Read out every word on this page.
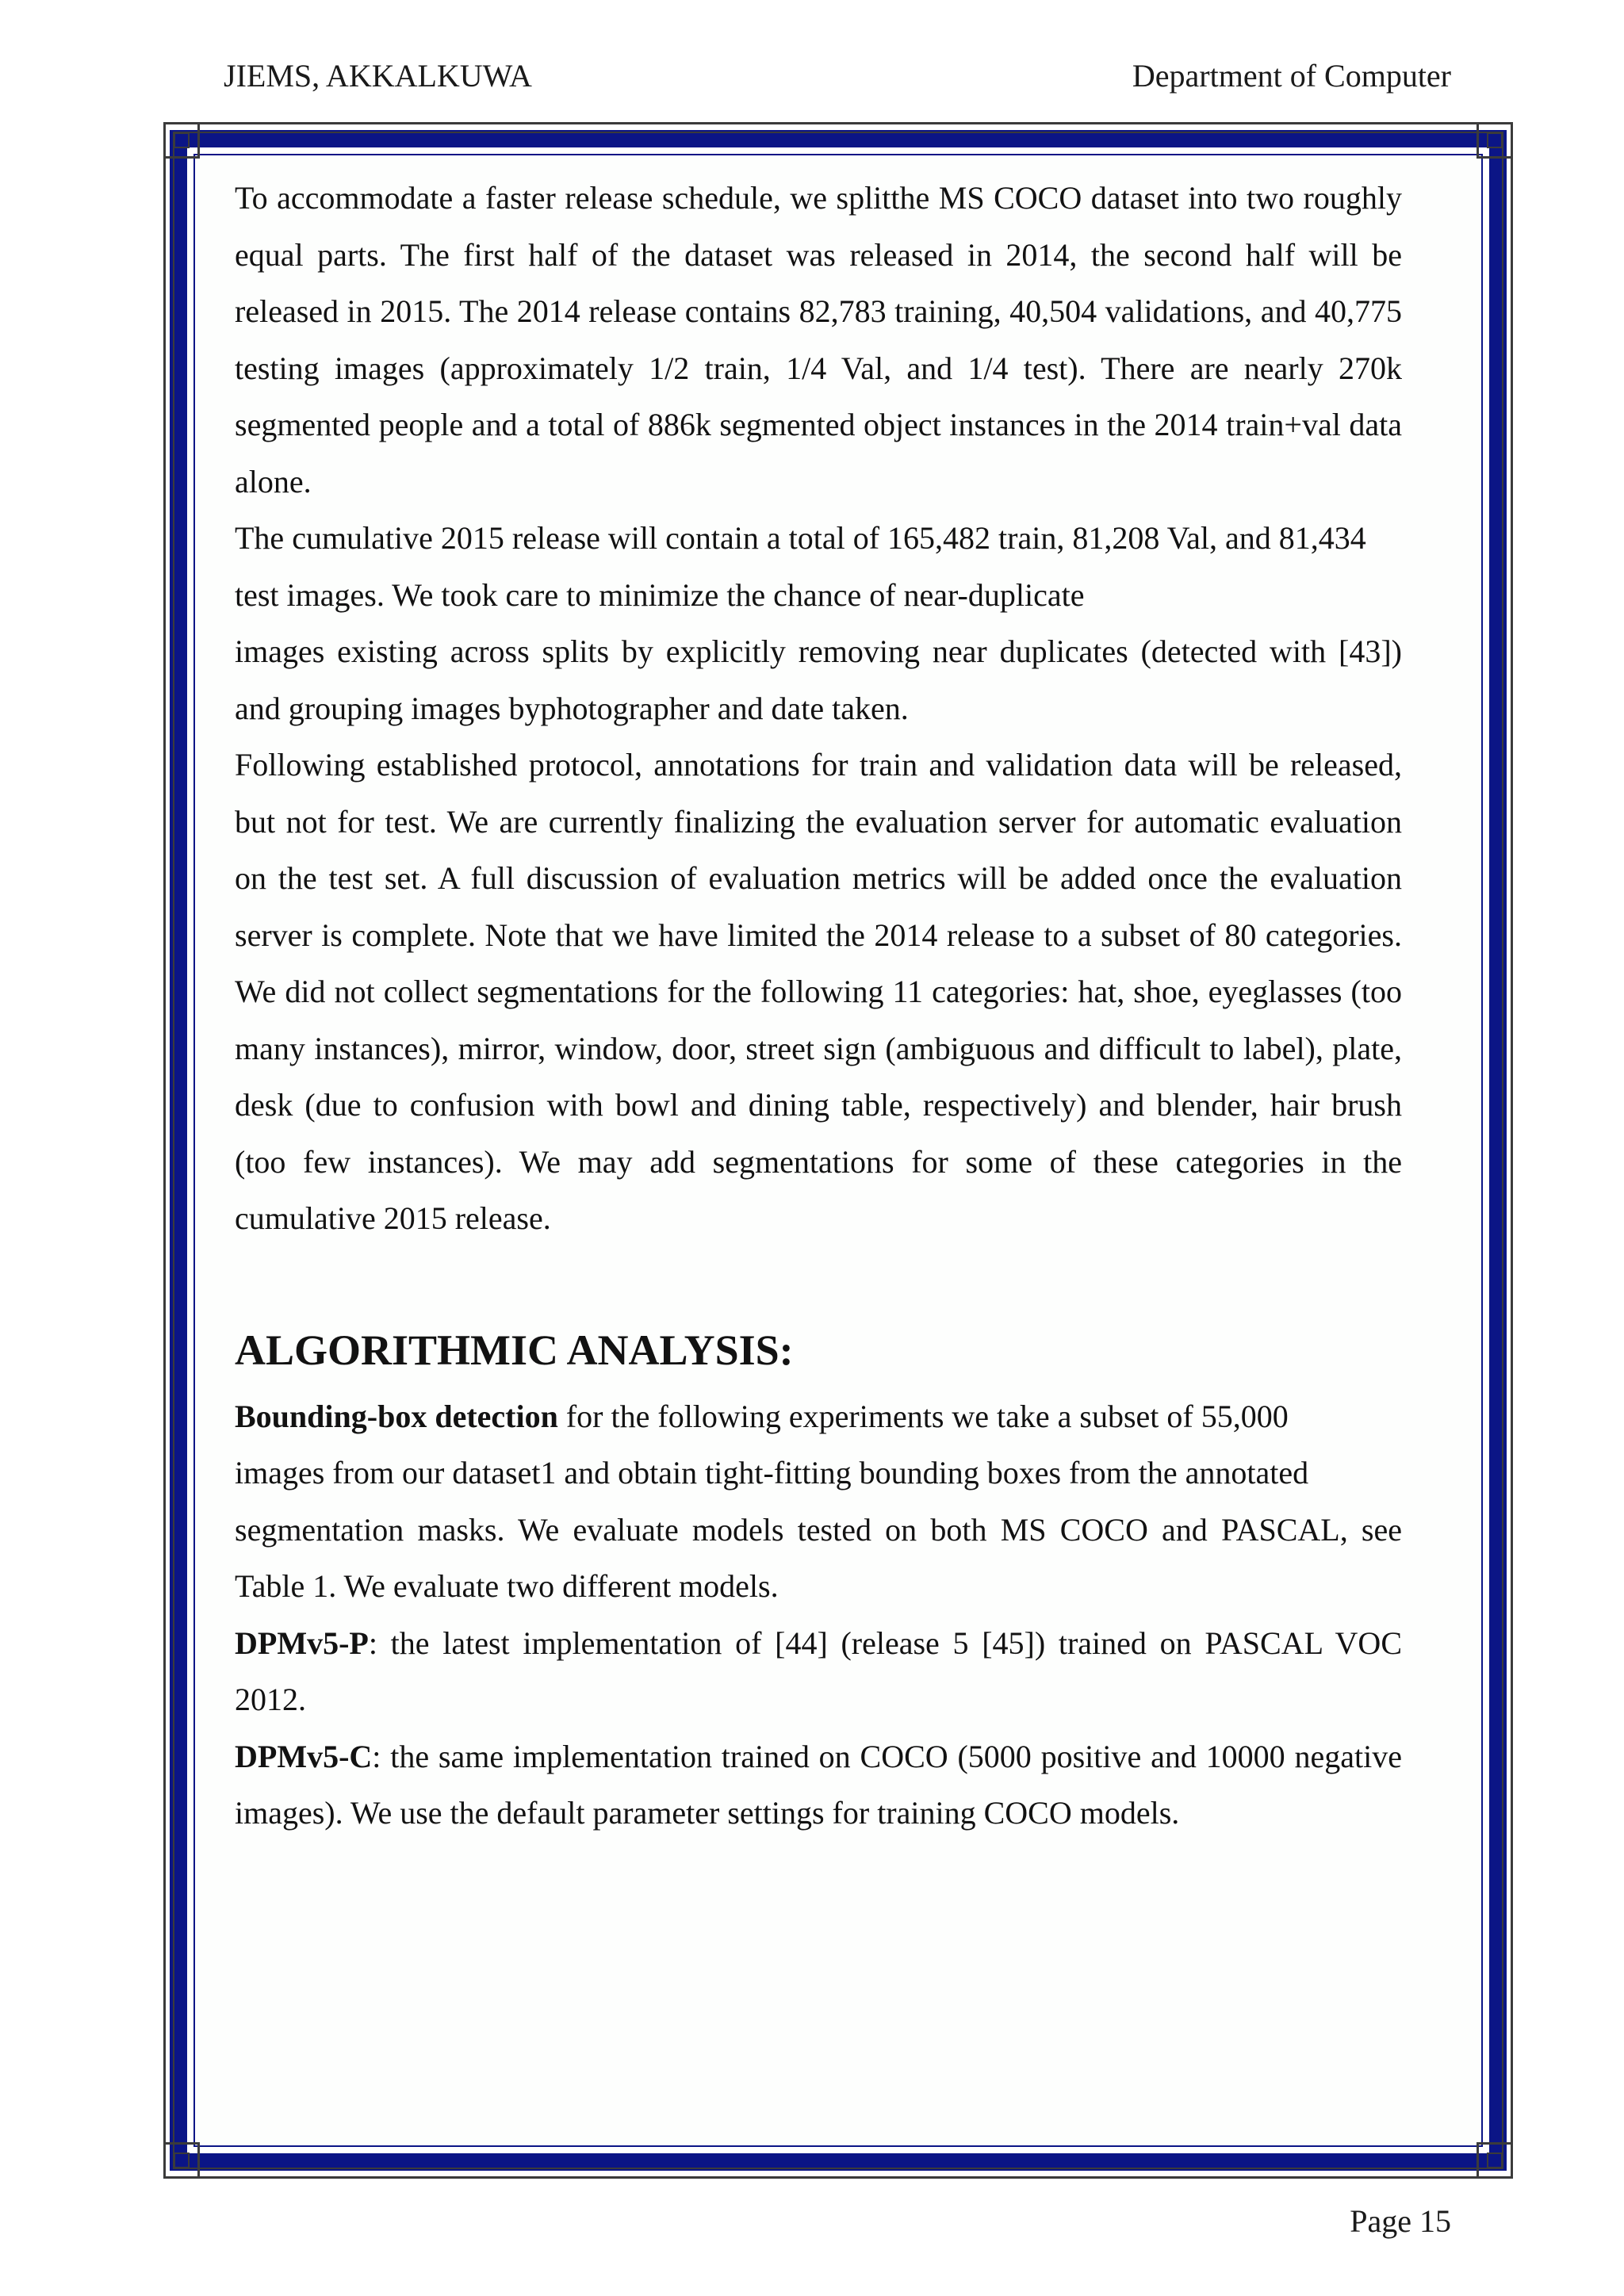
JIEMS, AKKALKUWA	Department of Computer

To accommodate a faster release schedule, we splitthe MS COCO dataset into two roughly equal parts. The first half of the dataset was released in 2014, the second half will be released in 2015. The 2014 release contains 82,783 training, 40,504 validations, and 40,775 testing images (approximately 1/2 train, 1/4 Val, and 1/4 test). There are nearly 270k segmented people and a total of 886k segmented object instances in the 2014 train+val data alone.

The cumulative 2015 release will contain a total of 165,482 train, 81,208 Val, and 81,434 test images. We took care to minimize the chance of near-duplicate

images existing across splits by explicitly removing near duplicates (detected with [43]) and grouping images byphotographer and date taken.

Following established protocol, annotations for train and validation data will be released, but not for test. We are currently finalizing the evaluation server for automatic evaluation on the test set. A full discussion of evaluation metrics will be added once the evaluation server is complete. Note that we have limited the 2014 release to a subset of 80 categories. We did not collect segmentations for the following 11 categories: hat, shoe, eyeglasses (too many instances), mirror, window, door, street sign (ambiguous and difficult to label), plate, desk (due to confusion with bowl and dining table, respectively) and blender, hair brush (too few instances). We may add segmentations for some of these categories in the cumulative 2015 release.

ALGORITHMIC ANALYSIS:

Bounding-box detection for the following experiments we take a subset of 55,000

images from our dataset1 and obtain tight-fitting bounding boxes from the annotated

segmentation masks. We evaluate models tested on both MS COCO and PASCAL, see Table 1. We evaluate two different models.

DPMv5-P: the latest implementation of [44] (release 5 [45]) trained on PASCAL VOC 2012.

DPMv5-C: the same implementation trained on COCO (5000 positive and 10000 negative images). We use the default parameter settings for training COCO models.

Page 15
